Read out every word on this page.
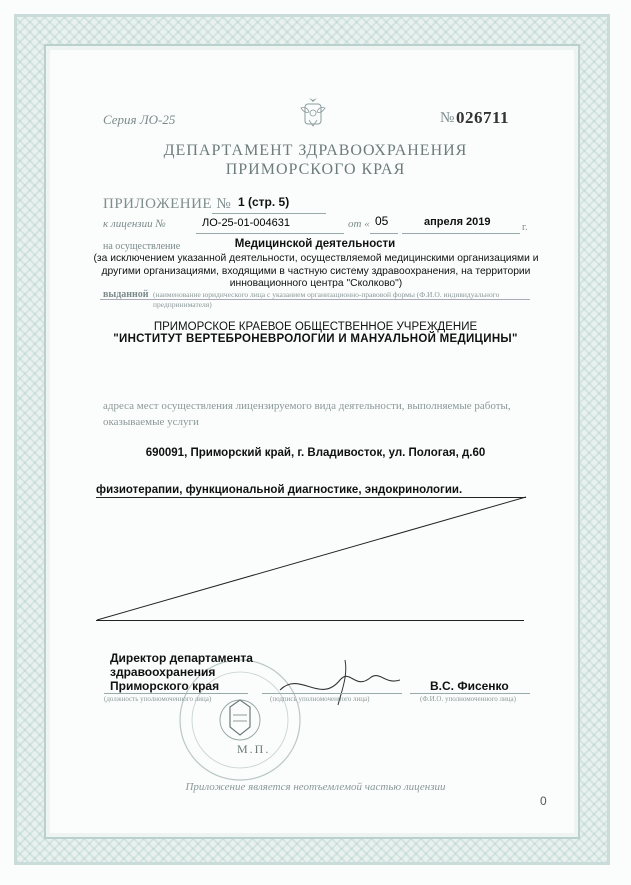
Серия ЛО-25	№ 026711
ДЕПАРТАМЕНТ ЗДРАВООХРАНЕНИЯ
ПРИМОРСКОГО КРАЯ
ПРИЛОЖЕНИЕ № 1 (стр. 5)
к лицензии №	ЛО-25-01-004631	от « 05	апреля 2019	г.
на осуществление	Медицинской деятельности
(за исключением указанной деятельности, осуществляемой медицинскими организациями и другими организациями, входящими в частную систему здравоохранения, на территории инновационного центра "Сколково")
выданной (наименование юридического лица с указанием организационно-правовой формы (Ф.И.О. индивидуального предпринимателя)
ПРИМОРСКОЕ КРАЕВОЕ ОБЩЕСТВЕННОЕ УЧРЕЖДЕНИЕ
"ИНСТИТУТ ВЕРТЕБРОНЕВРОЛОГИИ И МАНУАЛЬНОЙ МЕДИЦИНЫ"
адреса мест осуществления лицензируемого вида деятельности, выполняемые работы, оказываемые услуги
690091, Приморский край, г. Владивосток, ул. Пологая, д.60
физиотерапии, функциональной диагностике, эндокринологии.
Директор департамента
здравоохранения
Приморского края	В.С. Фисенко
(должность уполномоченного лица)	(подпись уполномоченного лица)	(Ф.И.О. уполномоченного лица)
М.П.
Приложение является неотъемлемой частью лицензии
0
